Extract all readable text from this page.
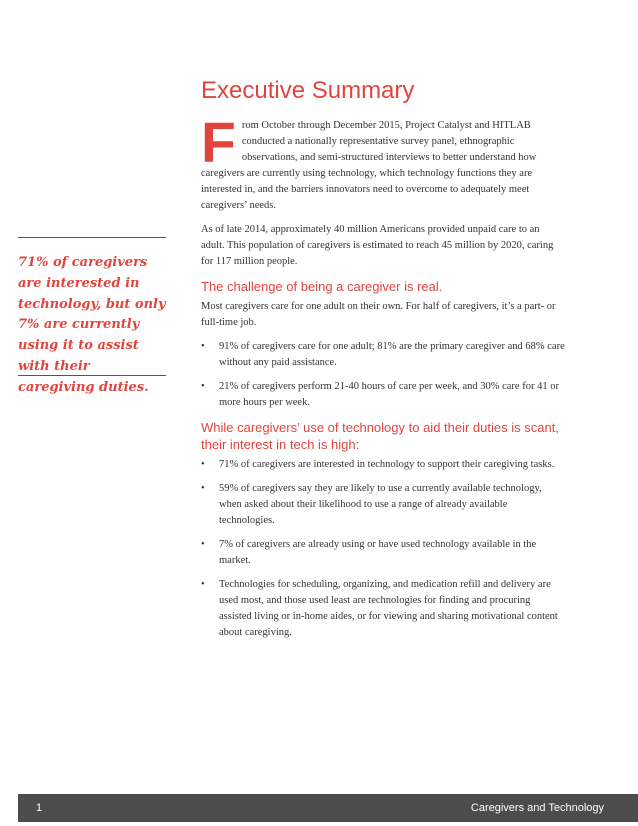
71% of caregivers are interested in technology, but only 7% are currently using it to assist with their caregiving duties.

Executive Summary

From October through December 2015, Project Catalyst and HITLAB conducted a nationally representative survey panel, ethnographic observations, and semi-structured interviews to better understand how caregivers are currently using technology, which technology functions they are interested in, and the barriers innovators need to overcome to adequately meet caregivers’ needs.

As of late 2014, approximately 40 million Americans provided unpaid care to an adult. This population of caregivers is estimated to reach 45 million by 2020, caring for 117 million people.

The challenge of being a caregiver is real.

Most caregivers care for one adult on their own. For half of caregivers, it’s a part- or full-time job.

• 91% of caregivers care for one adult; 81% are the primary caregiver and 68% care without any paid assistance.
• 21% of caregivers perform 21-40 hours of care per week, and 30% care for 41 or more hours per week.
While caregivers’ use of technology to aid their duties is scant, their interest in tech is high:
• 71% of caregivers are interested in technology to support their caregiving tasks.
• 59% of caregivers say they are likely to use a currently available technology, when asked about their likelihood to use a range of already available technologies.
• 7% of caregivers are already using or have used technology available in the market.
• Technologies for scheduling, organizing, and medication refill and delivery are used most, and those used least are technologies for finding and procuring assisted living or in-home aides, or for viewing and sharing motivational content about caregiving.
1	Caregivers and Technology
